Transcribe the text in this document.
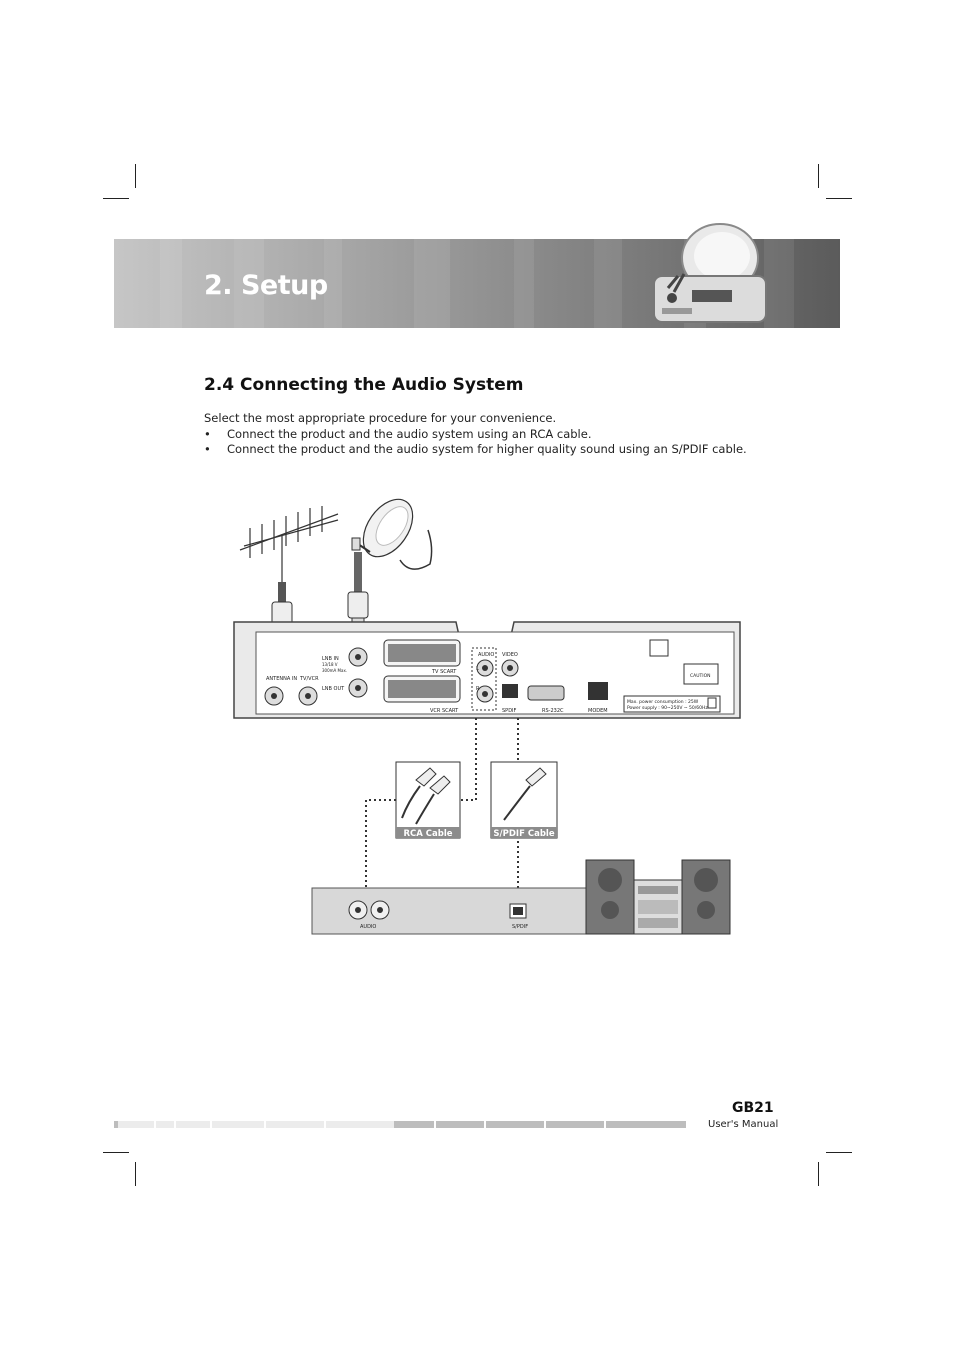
2. Setup
2.4 Connecting the Audio System
Select the most appropriate procedure for your convenience.
• Connect the product and the audio system using an RCA cable.
• Connect the product and the audio system for higher quality sound using an S/PDIF cable.
ANTENNA IN TV/VCR
LNB IN
13/18 V
300mA Max.
LNB OUT
TV SCART
VCR SCART
AUDIO VIDEO
L
R
SPDIF	RS-232C	MODEM
Max. power consumption : 25W
Power supply : 90~250V ~ 50/60Hz
CAUTION
RCA Cable	S/PDIF Cable
AUDIO	S/PDIF
GB21
User's Manual
